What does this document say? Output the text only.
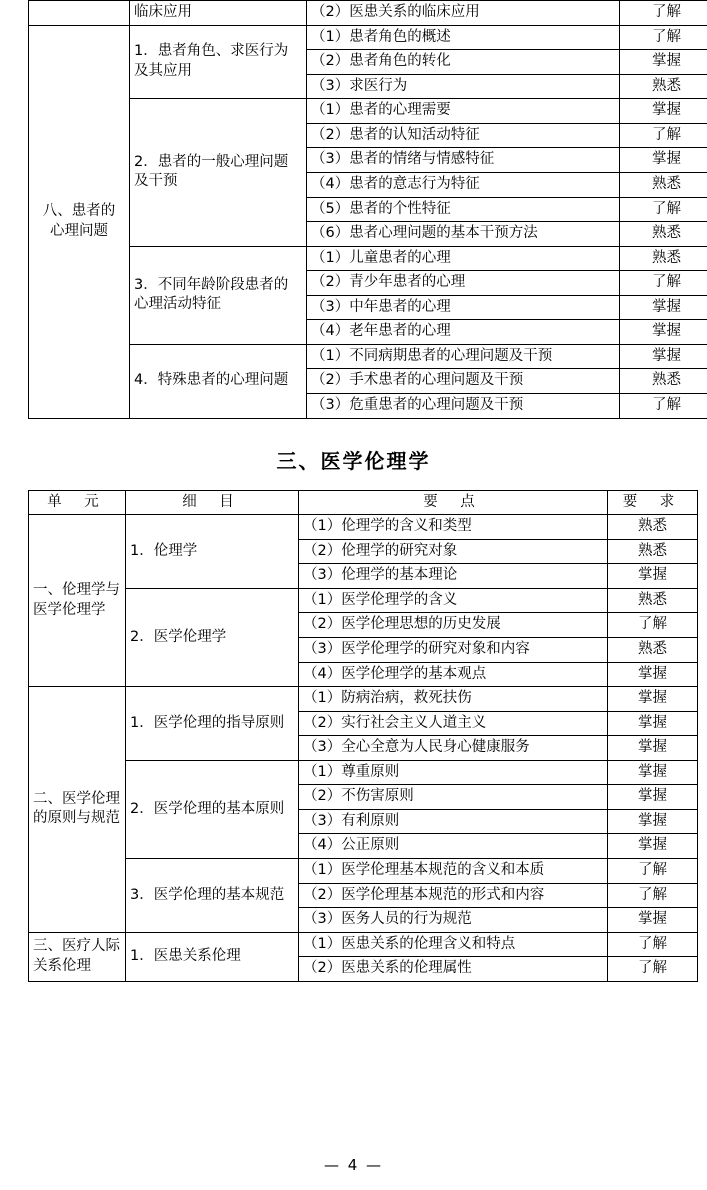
	临床应用	（2）医患关系的临床应用	了解
八、患者的
心理问题	1．患者角色、求医行为及其应用	（1）患者角色的概述	了解
		（2）患者角色的转化	掌握
		（3）求医行为	熟悉
	2．患者的一般心理问题及干预	（1）患者的心理需要	掌握
		（2）患者的认知活动特征	了解
		（3）患者的情绪与情感特征	掌握
		（4）患者的意志行为特征	熟悉
		（5）患者的个性特征	了解
		（6）患者心理问题的基本干预方法	熟悉
	3．不同年龄阶段患者的心理活动特征	（1）儿童患者的心理	熟悉
		（2）青少年患者的心理	了解
		（3）中年患者的心理	掌握
		（4）老年患者的心理	掌握
	4．特殊患者的心理问题	（1）不同病期患者的心理问题及干预	掌握
		（2）手术患者的心理问题及干预	熟悉
		（3）危重患者的心理问题及干预	了解
三、医学伦理学
单　元	细　目	要　点	要　求
一、伦理学与医学伦理学	1．伦理学	（1）伦理学的含义和类型	熟悉
		（2）伦理学的研究对象	熟悉
		（3）伦理学的基本理论	掌握
	2．医学伦理学	（1）医学伦理学的含义	熟悉
		（2）医学伦理思想的历史发展	了解
		（3）医学伦理学的研究对象和内容	熟悉
		（4）医学伦理学的基本观点	掌握
二、医学伦理的原则与规范	1．医学伦理的指导原则	（1）防病治病，救死扶伤	掌握
		（2）实行社会主义人道主义	掌握
		（3）全心全意为人民身心健康服务	掌握
	2．医学伦理的基本原则	（1）尊重原则	掌握
		（2）不伤害原则	掌握
		（3）有利原则	掌握
		（4）公正原则	掌握
	3．医学伦理的基本规范	（1）医学伦理基本规范的含义和本质	了解
		（2）医学伦理基本规范的形式和内容	了解
		（3）医务人员的行为规范	掌握
三、医疗人际关系伦理	1．医患关系伦理	（1）医患关系的伦理含义和特点	了解
		（2）医患关系的伦理属性	了解
— 4 —
